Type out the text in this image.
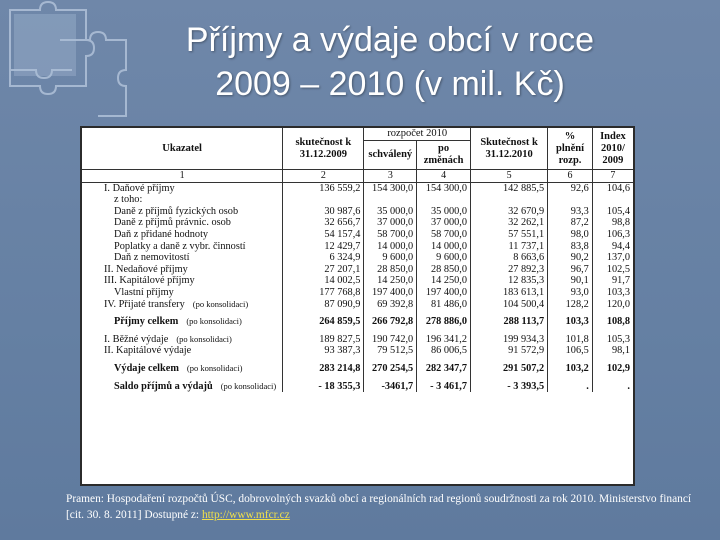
Příjmy a výdaje obcí v roce
2009 – 2010 (v mil. Kč)
Ukazatel	skutečnost k 31.12.2009	rozpočet 2010		Skutečnost k 31.12.2010	% plnění rozp.	Index 2010/ 2009
		schválený	po změnách			
1	2	3	4	5	6	7
I. Daňové příjmy	136 559,2	154 300,0	154 300,0	142 885,5	92,6	104,6
z toho:						
Daně z příjmů fyzických osob	30 987,6	35 000,0	35 000,0	32 670,9	93,3	105,4
Daně z příjmů právnic. osob	32 656,7	37 000,0	37 000,0	32 262,1	87,2	98,8
Daň z přidané hodnoty	54 157,4	58 700,0	58 700,0	57 551,1	98,0	106,3
Poplatky a daně z vybr. činností	12 429,7	14 000,0	14 000,0	11 737,1	83,8	94,4
Daň z nemovitostí	6 324,9	9 600,0	9 600,0	8 663,6	90,2	137,0
II. Nedaňové příjmy	27 207,1	28 850,0	28 850,0	27 892,3	96,7	102,5
III. Kapitálové příjmy	14 002,5	14 250,0	14 250,0	12 835,3	90,1	91,7
Vlastní příjmy	177 768,8	197 400,0	197 400,0	183 613,1	93,0	103,3
IV. Přijaté transfery (po konsolidaci)	87 090,9	69 392,8	81 486,0	104 500,4	128,2	120,0

Příjmy celkem (po konsolidaci)	264 859,5	266 792,8	278 886,0	288 113,7	103,3	108,8

I. Běžné výdaje (po konsolidaci)	189 827,5	190 742,0	196 341,2	199 934,3	101,8	105,3
II. Kapitálové výdaje	93 387,3	79 512,5	86 006,5	91 572,9	106,5	98,1

Výdaje celkem (po konsolidaci)	283 214,8	270 254,5	282 347,7	291 507,2	103,2	102,9

Saldo příjmů a výdajů (po konsolidaci)	- 18 355,3	-3461,7	- 3 461,7	- 3 393,5	.	.
Pramen: Hospodaření rozpočtů ÚSC, dobrovolných svazků obcí a regionálních rad regionů soudržnosti za rok 2010. Ministerstvo financí [cit. 30. 8. 2011] Dostupné z: http://www.mfcr.cz
